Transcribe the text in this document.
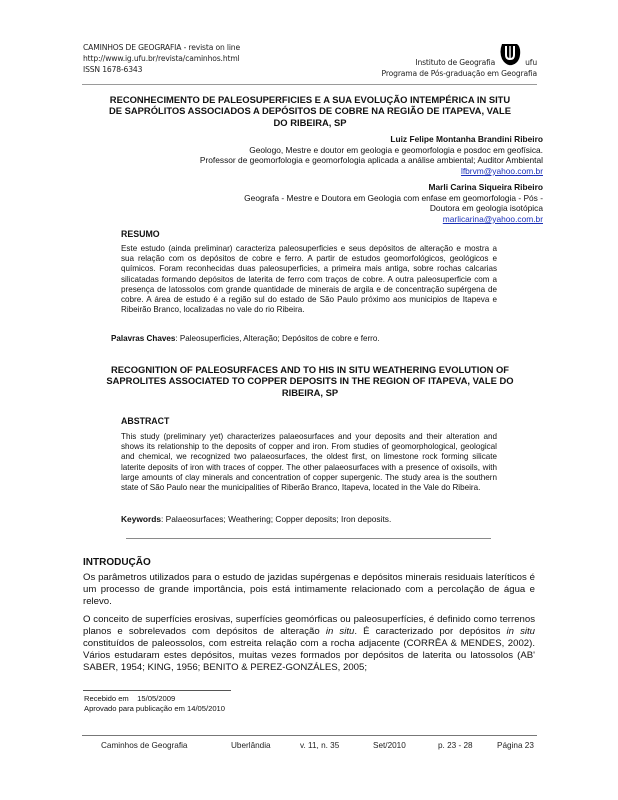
CAMINHOS DE GEOGRAFIA - revista on line
http://www.ig.ufu.br/revista/caminhos.html
ISSN 1678-6343
Instituto de Geografia	ufu
Programa de Pós-graduação em Geografia
RECONHECIMENTO DE PALEOSUPERFICIES E A SUA EVOLUÇÃO INTEMPÉRICA IN SITU
DE SAPRÓLITOS ASSOCIADOS A DEPÓSITOS DE COBRE NA REGIÃO DE ITAPEVA, VALE
DO RIBEIRA, SP
Luiz Felipe Montanha Brandini Ribeiro
Geologo, Mestre e doutor em geologia e geomorfologia e posdoc em geofísica.
Professor de geomorfologia e geomorfologia aplicada a análise ambiental; Auditor Ambiental
lfbrvm@yahoo.com.br
Marli Carina Siqueira Ribeiro
Geografa - Mestre e Doutora em Geologia com enfase em geomorfologia - Pós -
Doutora em geologia isotópica
marlicarina@yahoo.com.br
RESUMO
Este estudo (ainda preliminar) caracteriza paleosuperficies e seus depósitos de alteração e mostra a sua relação com os depósitos de cobre e ferro. A partir de estudos geomorfológicos, geológicos e químicos. Foram reconhecidas duas paleosuperficies, a primeira mais antiga, sobre rochas calcarias silicatadas formando depósitos de laterita de ferro com traços de cobre. A outra paleosuperficie com a presença de latossolos com grande quantidade de minerais de argila e de concentração supérgena de cobre. A área de estudo é a região sul do estado de São Paulo próximo aos municipios de Itapeva e Ribeirão Branco, localizadas no vale do rio Ribeira.
Palavras Chaves: Paleosuperficies, Alteração; Depósitos de cobre e ferro.
RECOGNITION OF PALEOSURFACES AND TO HIS IN SITU WEATHERING EVOLUTION OF
SAPROLITES ASSOCIATED TO COPPER DEPOSITS IN THE REGION OF ITAPEVA, VALE DO
RIBEIRA, SP
ABSTRACT
This study (preliminary yet) characterizes palaeosurfaces and your deposits and their alteration and shows its relationship to the deposits of copper and iron. From studies of geomorphological, geological and chemical, we recognized two palaeosurfaces, the oldest first, on limestone rock forming silicate laterite deposits of iron with traces of copper. The other palaeosurfaces with a presence of oxisoils, with large amounts of clay minerals and concentration of copper supergenic. The study area is the southern state of São Paulo near the municipalities of Riberão Branco, Itapeva, located in the Vale do Ribeira.
Keywords: Palaeosurfaces; Weathering; Copper deposits; Iron deposits.
INTRODUÇÃO
Os parâmetros utilizados para o estudo de jazidas supérgenas e depósitos minerais residuais lateríticos é um processo de grande importância, pois está intimamente relacionado com a percolação de água e relevo.
O conceito de superfícies erosivas, superfícies geomórficas ou paleosuperfícies, é definido como terrenos planos e sobrelevados com depósitos de alteração in situ. É caracterizado por depósitos in situ constituídos de paleossolos, com estreita relação com a rocha adjacente (CORRÊA & MENDES, 2002). Vários estudaram estes depósitos, muitas vezes formados por depósitos de laterita ou latossolos (AB' SABER, 1954; KING, 1956; BENITO & PEREZ-GONZÁLES, 2005;
Recebido em    15/05/2009
Aprovado para publicação em 14/05/2010
Caminhos de Geografia	Uberlândia	v. 11, n. 35	Set/2010	p. 23 - 28	Página 23
